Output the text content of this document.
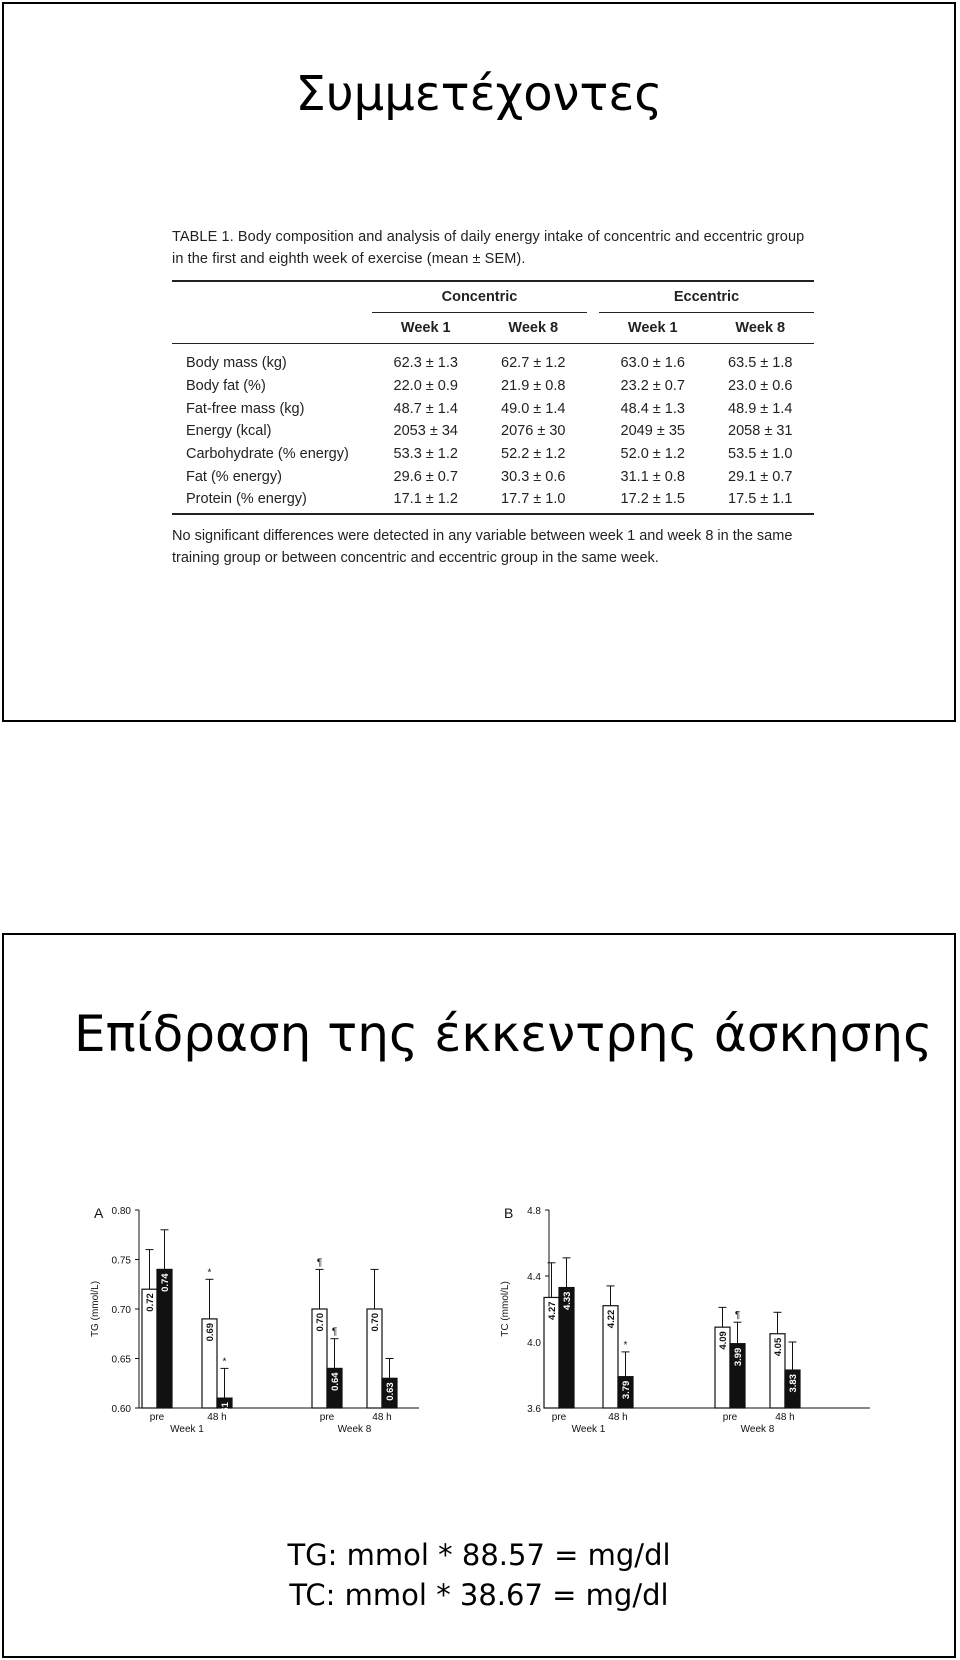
Συμμετέχοντες

TABLE 1. Body composition and analysis of daily energy intake of concentric and eccentric group in the first and eighth week of exercise (mean ± SEM).

	Concentric			Eccentric	
	Week 1	Week 8		Week 1	Week 8
Body mass (kg)	62.3 ± 1.3	62.7 ± 1.2		63.0 ± 1.6	63.5 ± 1.8
Body fat (%)	22.0 ± 0.9	21.9 ± 0.8		23.2 ± 0.7	23.0 ± 0.6
Fat-free mass (kg)	48.7 ± 1.4	49.0 ± 1.4		48.4 ± 1.3	48.9 ± 1.4
Energy (kcal)	2053 ± 34	2076 ± 30		2049 ± 35	2058 ± 31
Carbohydrate (% energy)	53.3 ± 1.2	52.2 ± 1.2		52.0 ± 1.2	53.5 ± 1.0
Fat (% energy)	29.6 ± 0.7	30.3 ± 0.6		31.1 ± 0.8	29.1 ± 0.7
Protein (% energy)	17.1 ± 1.2	17.7 ± 1.0		17.2 ± 1.5	17.5 ± 1.1

No significant differences were detected in any variable between week 1 and week 8 in the same training group or between concentric and eccentric group in the same week.

Επίδραση της έκκεντρης άσκησης

TG: mmol * 88.57 = mg/dl

TC: mmol * 38.67 = mg/dl

A
0.60
0.65
0.70
0.75
0.80
TG (mmol/L)	0.72
0.74
pre
0.69
*
0.61
*
48 h
0.70
¶
0.64
¶
pre
0.70
0.63
48 h
Week 1	Week 8
B
3.6
4.0
4.4
4.8
TC (mmol/L)	4.27
4.33
pre
4.22
3.79
*
48 h
4.09
3.99
¶
pre
4.05
3.83
48 h
Week 1	Week 8
